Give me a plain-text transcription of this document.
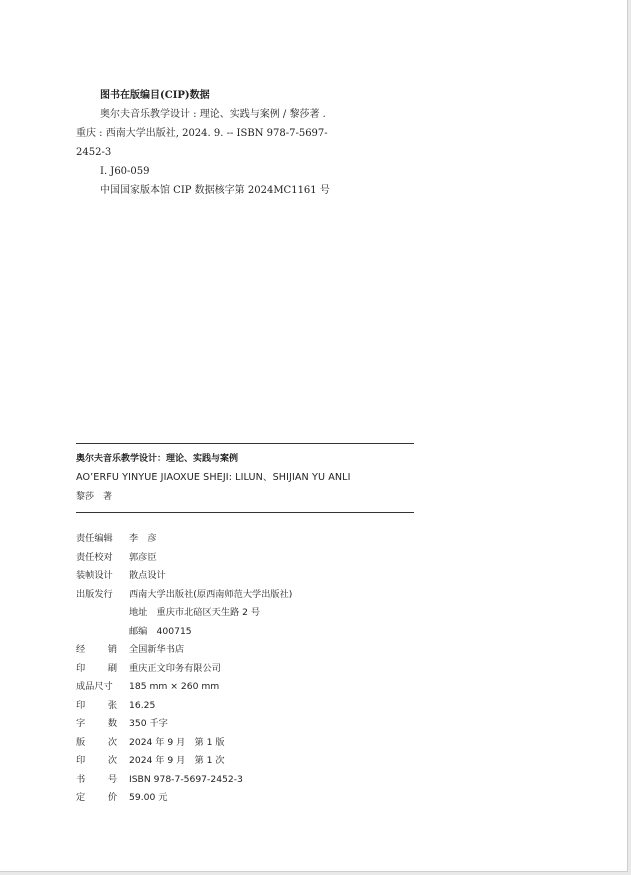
图书在版编目(CIP)数据
奥尔夫音乐教学设计 : 理论、实践与案例 / 黎莎著 .
重庆 : 西南大学出版社, 2024. 9. -- ISBN 978-7-5697-
2452-3
Ⅰ. J60-059
中国国家版本馆 CIP 数据核字第 2024MC1161 号
奥尔夫音乐教学设计：理论、实践与案例
AO’ERFU YINYUE JIAOXUE SHEJI: LILUN、SHIJIAN YU ANLI
黎莎　著
责任编辑 李　彦
责任校对 郭彦臣
装帧设计 散点设计
出版发行 西南大学出版社(原西南师范大学出版社)
地址　重庆市北碚区天生路 2 号
邮编　400715
经 销	全国新华书店
印 刷	重庆正文印务有限公司
成品尺寸 185 mm × 260 mm
印 张	16.25
字 数	350 千字
版 次	2024 年 9 月　第 1 版
印 次	2024 年 9 月　第 1 次
书 号	ISBN 978-7-5697-2452-3
定 价	59.00 元
